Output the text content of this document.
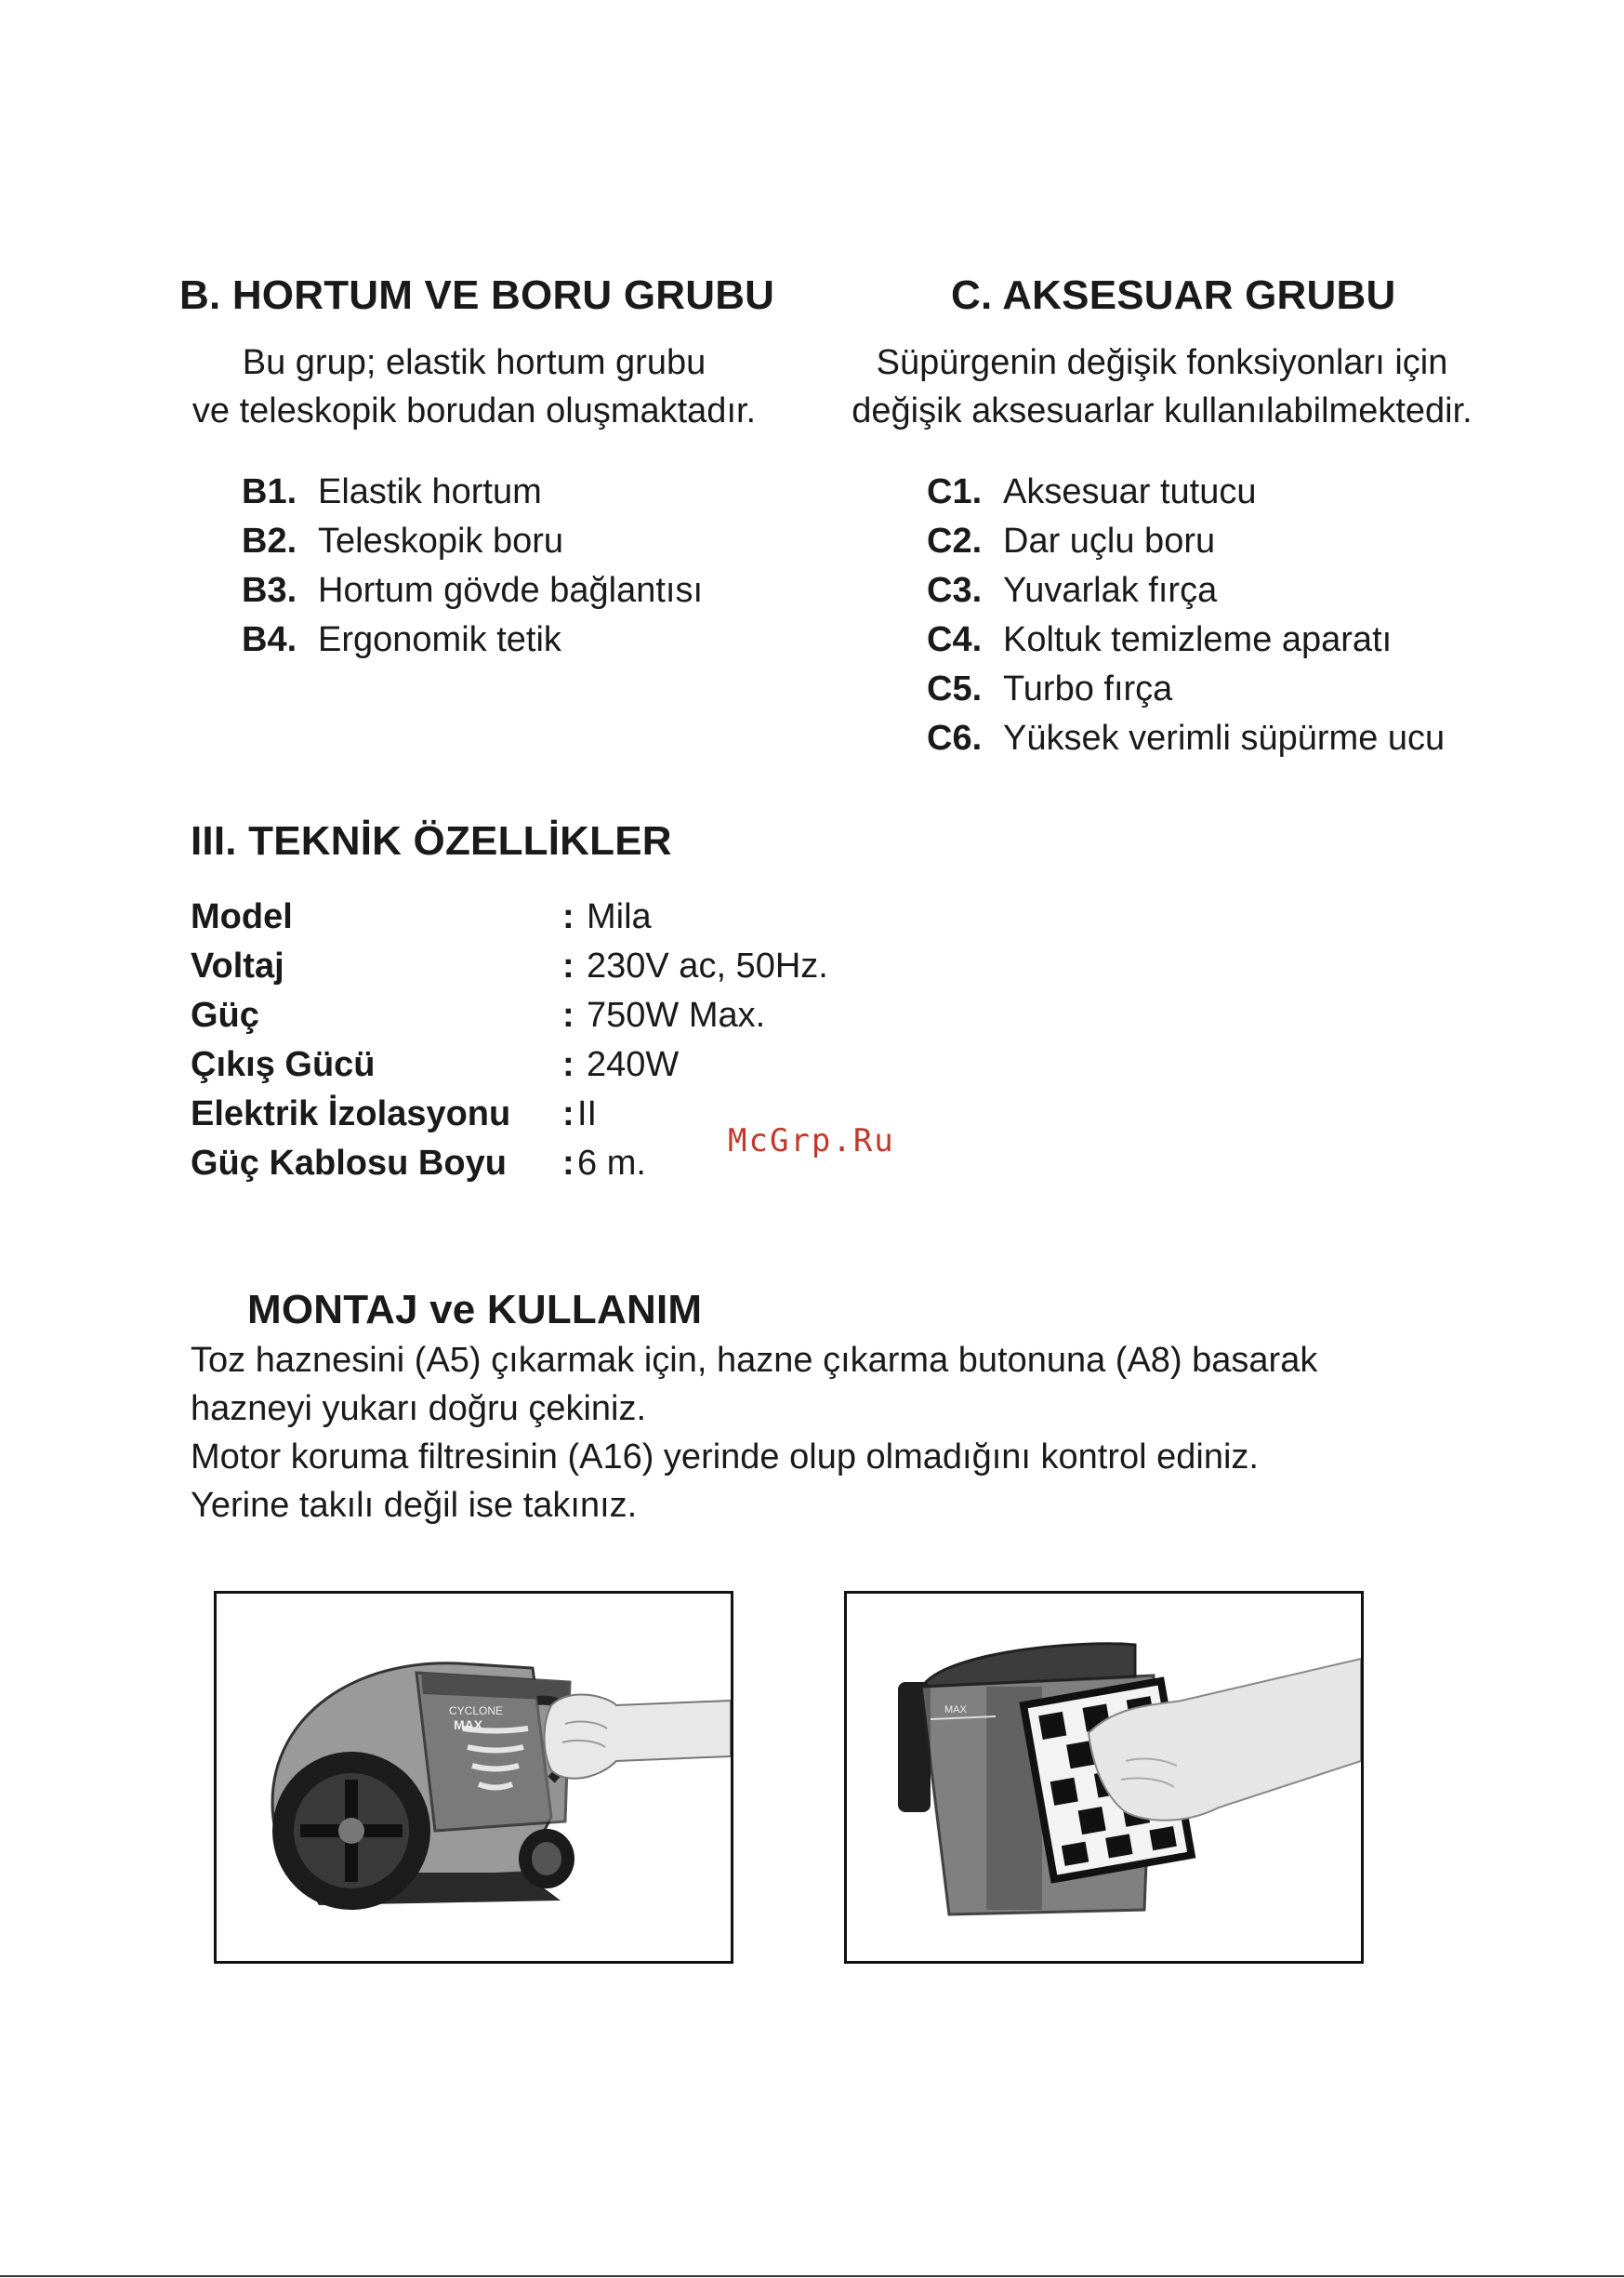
B. HORTUM VE BORU GRUBU
Bu grup; elastik hortum grubu
ve teleskopik borudan oluşmaktadır.
B1. Elastik hortum
B2. Teleskopik boru
B3. Hortum gövde bağlantısı
B4. Ergonomik tetik
C. AKSESUAR GRUBU
Süpürgenin değişik fonksiyonları için
değişik aksesuarlar kullanılabilmektedir.
C1. Aksesuar tutucu
C2. Dar uçlu boru
C3. Yuvarlak fırça
C4. Koltuk temizleme aparatı
C5. Turbo fırça
C6. Yüksek verimli süpürme ucu
III. TEKNİK ÖZELLİKLER
Model	: Mila
Voltaj	: 230V ac, 50Hz.
Güç	: 750W Max.
Çıkış Gücü	: 240W
Elektrik İzolasyonu : II
Güç Kablosu Boyu : 6 m.
McGrp.Ru
MONTAJ ve KULLANIM
Toz haznesini (A5) çıkarmak için, hazne çıkarma butonuna (A8) basarak
hazneyi yukarı doğru çekiniz.
Motor koruma filtresinin (A16) yerinde olup olmadığını kontrol ediniz.
Yerine takılı değil ise takınız.
CYCLONE
MAX
MAX
